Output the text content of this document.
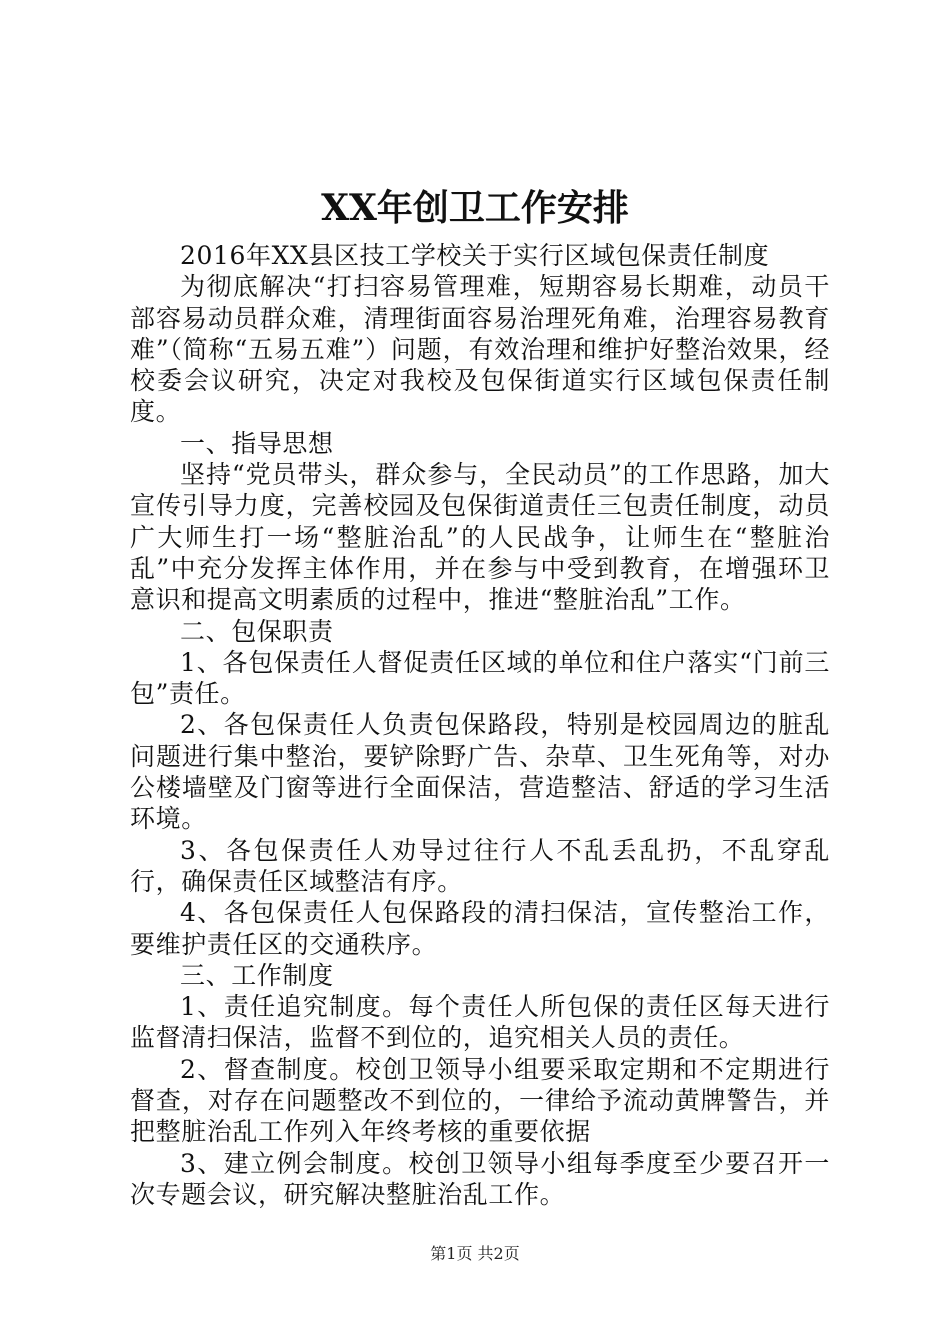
XX年创卫工作安排

2016年XX县区技工学校关于实行区域包保责任制度

为彻底解决“打扫容易管理难，短期容易长期难，动员干部容易动员群众难，清理街面容易治理死角难，治理容易教育难”（简称“五易五难”）问题，有效治理和维护好整治效果，经校委会议研究，决定对我校及包保街道实行区域包保责任制度。

一、指导思想

坚持“党员带头，群众参与，全民动员”的工作思路，加大宣传引导力度，完善校园及包保街道责任三包责任制度，动员广大师生打一场“整脏治乱”的人民战争，让师生在“整脏治乱”中充分发挥主体作用，并在参与中受到教育，在增强环卫意识和提高文明素质的过程中，推进“整脏治乱”工作。

二、包保职责

1、各包保责任人督促责任区域的单位和住户落实“门前三包”责任。

2、各包保责任人负责包保路段，特别是校园周边的脏乱问题进行集中整治，要铲除野广告、杂草、卫生死角等，对办公楼墙壁及门窗等进行全面保洁，营造整洁、舒适的学习生活环境。

3、各包保责任人劝导过往行人不乱丢乱扔，不乱穿乱行，确保责任区域整洁有序。

4、各包保责任人包保路段的清扫保洁，宣传整治工作，要维护责任区的交通秩序。

三、工作制度

1、责任追究制度。每个责任人所包保的责任区每天进行监督清扫保洁，监督不到位的，追究相关人员的责任。

2、督查制度。校创卫领导小组要采取定期和不定期进行督查，对存在问题整改不到位的，一律给予流动黄牌警告，并把整脏治乱工作列入年终考核的重要依据

3、建立例会制度。校创卫领导小组每季度至少要召开一次专题会议，研究解决整脏治乱工作。

第1页 共2页
